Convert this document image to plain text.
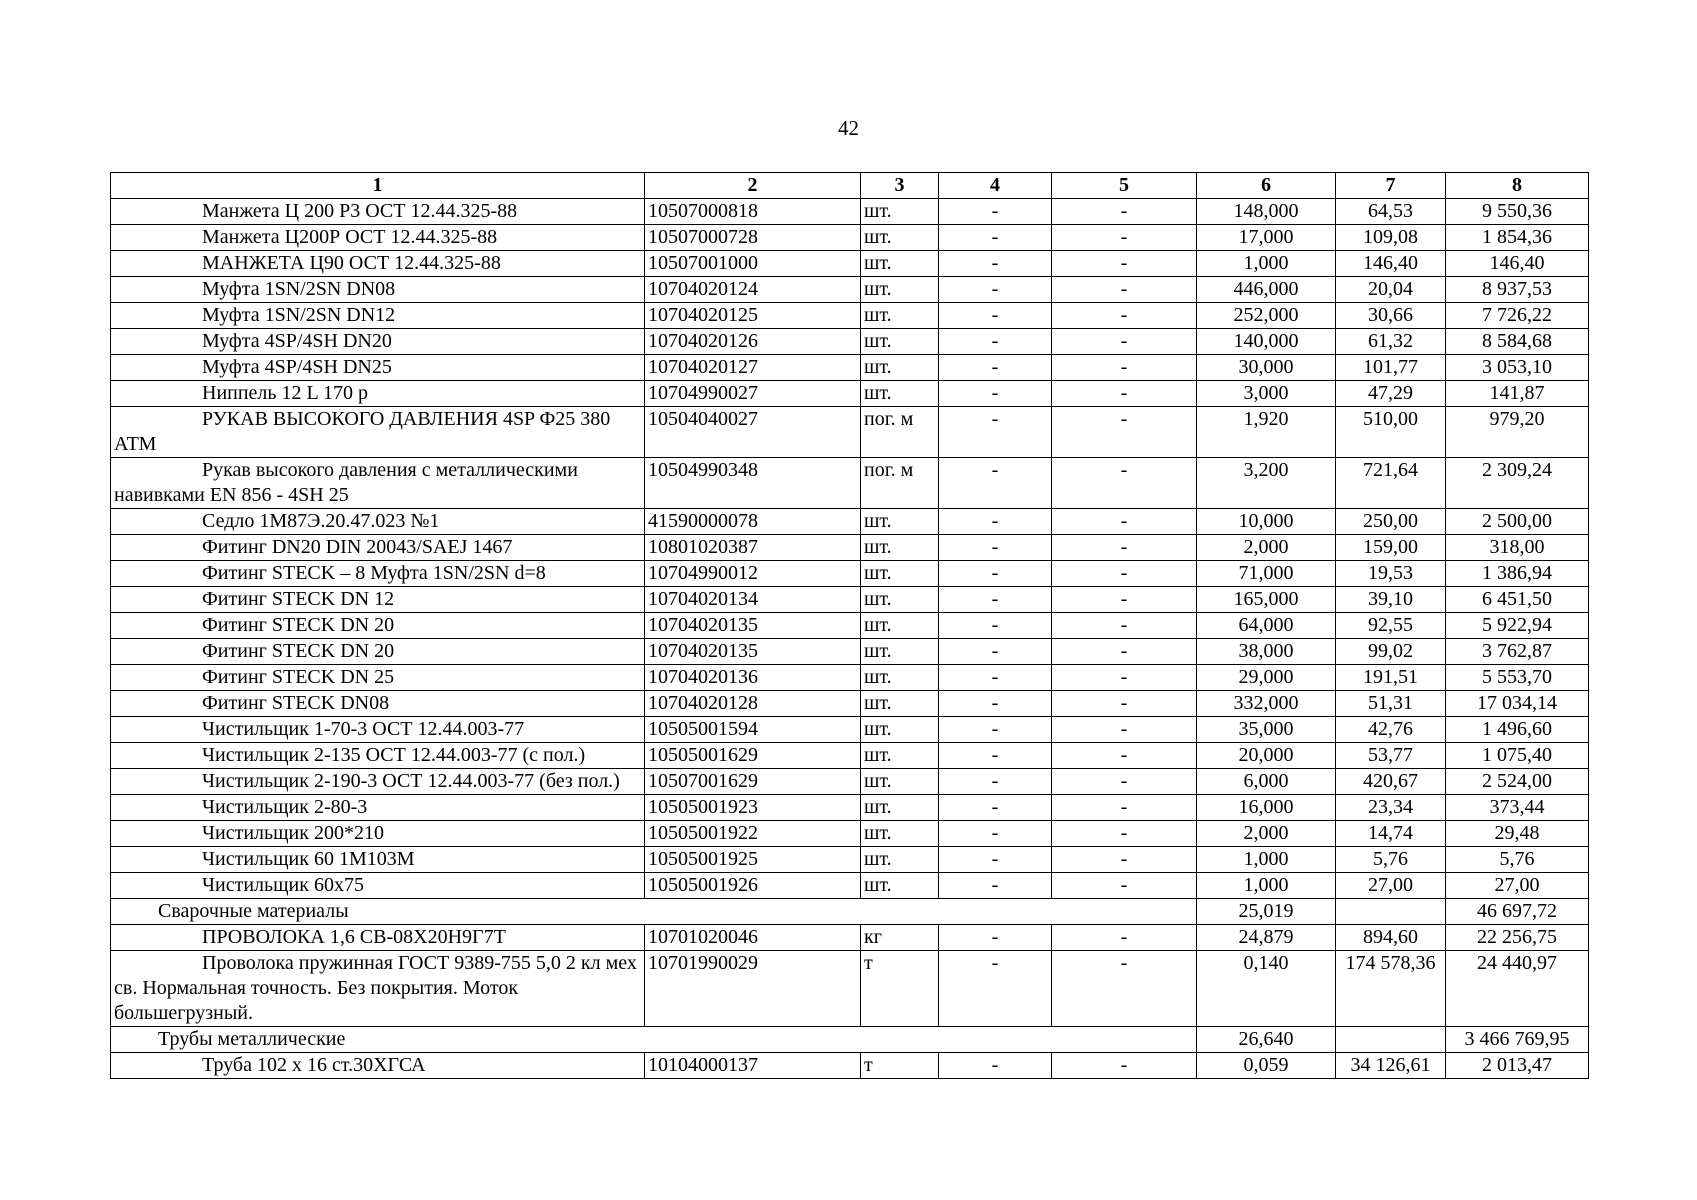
42
1	2	3	4	5	6	7	8
Манжета Ц 200 Р3 ОСТ 12.44.325-88	10507000818	шт.	-	-	148,000	64,53	9 550,36
Манжета Ц200Р ОСТ 12.44.325-88	10507000728	шт.	-	-	17,000	109,08	1 854,36
МАНЖЕТА Ц90 ОСТ 12.44.325-88	10507001000	шт.	-	-	1,000	146,40	146,40
Муфта 1SN/2SN DN08	10704020124	шт.	-	-	446,000	20,04	8 937,53
Муфта 1SN/2SN DN12	10704020125	шт.	-	-	252,000	30,66	7 726,22
Муфта 4SP/4SH DN20	10704020126	шт.	-	-	140,000	61,32	8 584,68
Муфта 4SP/4SH DN25	10704020127	шт.	-	-	30,000	101,77	3 053,10
Ниппель 12 L 170 р	10704990027	шт.	-	-	3,000	47,29	141,87
РУКАВ ВЫСОКОГО ДАВЛЕНИЯ 4SP Ф25 380 АТМ	10504040027	пог. м	-	-	1,920	510,00	979,20
Рукав высокого давления с металлическими навивками EN 856 - 4SH 25	10504990348	пог. м	-	-	3,200	721,64	2 309,24
Седло 1М87Э.20.47.023 №1	41590000078	шт.	-	-	10,000	250,00	2 500,00
Фитинг DN20 DIN 20043/SAEJ 1467	10801020387	шт.	-	-	2,000	159,00	318,00
Фитинг STECK – 8 Муфта 1SN/2SN d=8	10704990012	шт.	-	-	71,000	19,53	1 386,94
Фитинг STECK DN 12	10704020134	шт.	-	-	165,000	39,10	6 451,50
Фитинг STECK DN 20	10704020135	шт.	-	-	64,000	92,55	5 922,94
Фитинг STECK DN 20	10704020135	шт.	-	-	38,000	99,02	3 762,87
Фитинг STECK DN 25	10704020136	шт.	-	-	29,000	191,51	5 553,70
Фитинг STECK DN08	10704020128	шт.	-	-	332,000	51,31	17 034,14
Чистильщик 1-70-3 ОСТ 12.44.003-77	10505001594	шт.	-	-	35,000	42,76	1 496,60
Чистильщик 2-135 ОСТ 12.44.003-77 (с пол.)	10505001629	шт.	-	-	20,000	53,77	1 075,40
Чистильщик 2-190-3 ОСТ 12.44.003-77 (без пол.)	10507001629	шт.	-	-	6,000	420,67	2 524,00
Чистильщик 2-80-3	10505001923	шт.	-	-	16,000	23,34	373,44
Чистильщик 200*210	10505001922	шт.	-	-	2,000	14,74	29,48
Чистильщик 60 1М103М	10505001925	шт.	-	-	1,000	5,76	5,76
Чистильщик 60х75	10505001926	шт.	-	-	1,000	27,00	27,00
Сварочные материалы					25,019		46 697,72
ПРОВОЛОКА 1,6 СВ-08Х20Н9Г7Т	10701020046	кг	-	-	24,879	894,60	22 256,75
Проволока пружинная ГОСТ 9389-755 5,0 2 кл мех св. Нормальная точность. Без покрытия. Моток большегрузный.	10701990029	т	-	-	0,140	174 578,36	24 440,97
Трубы металлические					26,640		3 466 769,95
Труба 102 х 16 ст.30ХГСА	10104000137	т	-	-	0,059	34 126,61	2 013,47
